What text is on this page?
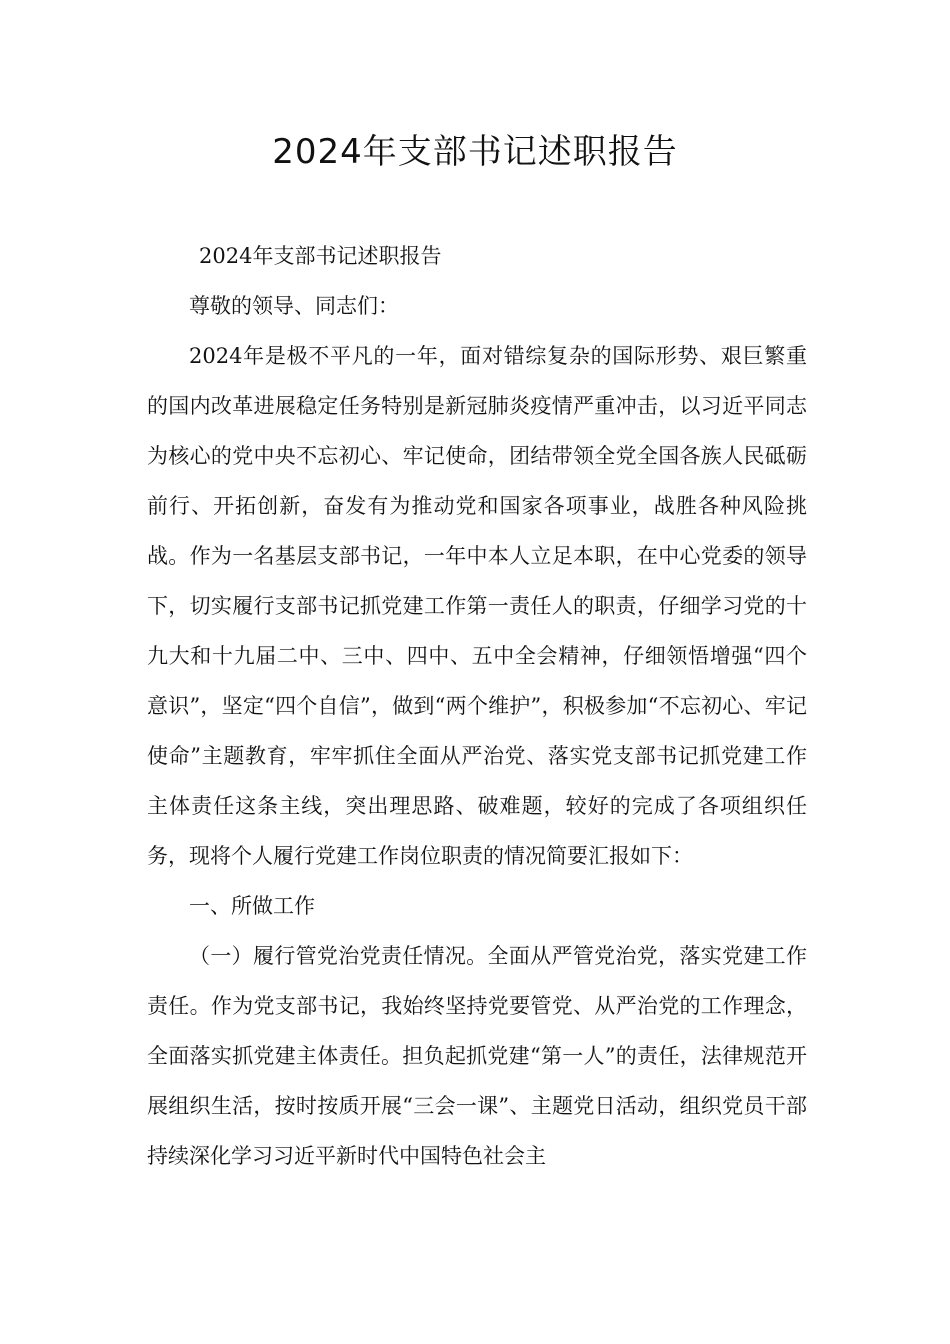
2024年支部书记述职报告

2024年支部书记述职报告

尊敬的领导、同志们：

2024年是极不平凡的一年，面对错综复杂的国际形势、艰巨繁重的国内改革进展稳定任务特别是新冠肺炎疫情严重冲击，以习近平同志为核心的党中央不忘初心、牢记使命，团结带领全党全国各族人民砥砺前行、开拓创新，奋发有为推动党和国家各项事业，战胜各种风险挑战。作为一名基层支部书记，一年中本人立足本职，在中心党委的领导下，切实履行支部书记抓党建工作第一责任人的职责，仔细学习党的十九大和十九届二中、三中、四中、五中全会精神，仔细领悟增强“四个意识”，坚定“四个自信”，做到“两个维护”，积极参加“不忘初心、牢记使命”主题教育，牢牢抓住全面从严治党、落实党支部书记抓党建工作主体责任这条主线，突出理思路、破难题，较好的完成了各项组织任务，现将个人履行党建工作岗位职责的情况简要汇报如下：

一、所做工作

（一）履行管党治党责任情况。全面从严管党治党，落实党建工作责任。作为党支部书记，我始终坚持党要管党、从严治党的工作理念，全面落实抓党建主体责任。担负起抓党建“第一人”的责任，法律规范开展组织生活，按时按质开展“三会一课”、主题党日活动，组织党员干部持续深化学习习近平新时代中国特色社会主
